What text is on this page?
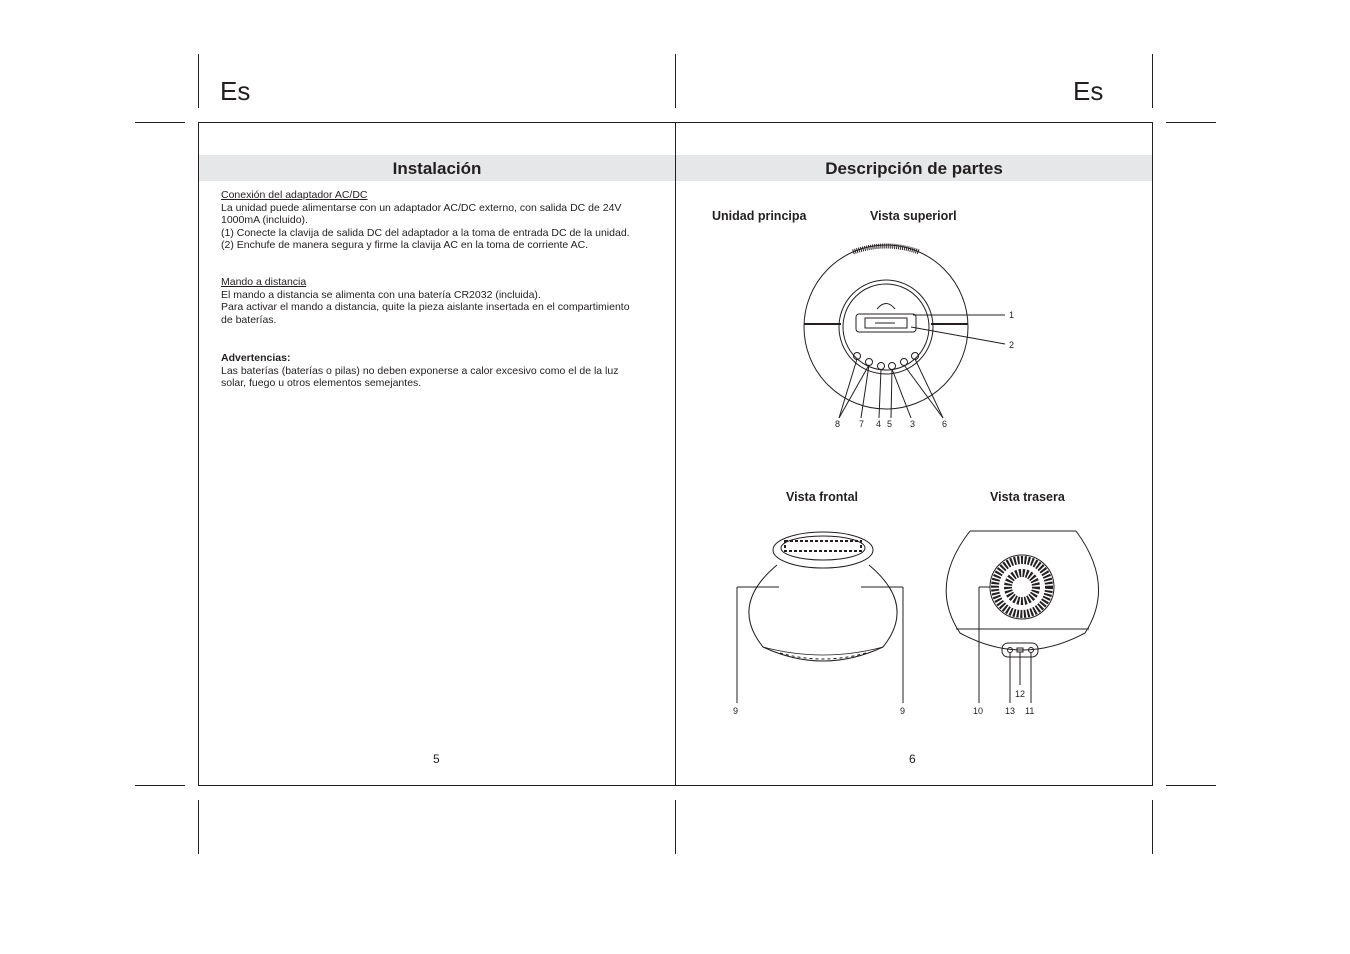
Es	Es
Instalación	Descripción de partes
Conexión del adaptador AC/DC
La unidad puede alimentarse con un adaptador AC/DC externo, con salida DC de 24V
1000mA (incluido).
(1) Conecte la clavija de salida DC del adaptador a la toma de entrada DC de la unidad.
(2) Enchufe de manera segura y firme la clavija AC en la toma de corriente AC.
Mando a distancia
El mando a distancia se alimenta con una batería CR2032 (incluida).
Para activar el mando a distancia, quite la pieza aislante insertada en el compartimiento
de baterías.
Advertencias:
Las baterías (baterías o pilas) no deben exponerse a calor excesivo como el de la luz
solar, fuego u otros elementos semejantes.
5
Unidad principa	Vista superiorl
Vista frontal	Vista trasera
1
2
8 7 4 5 3	6
9	9	10 13
12
11
6
